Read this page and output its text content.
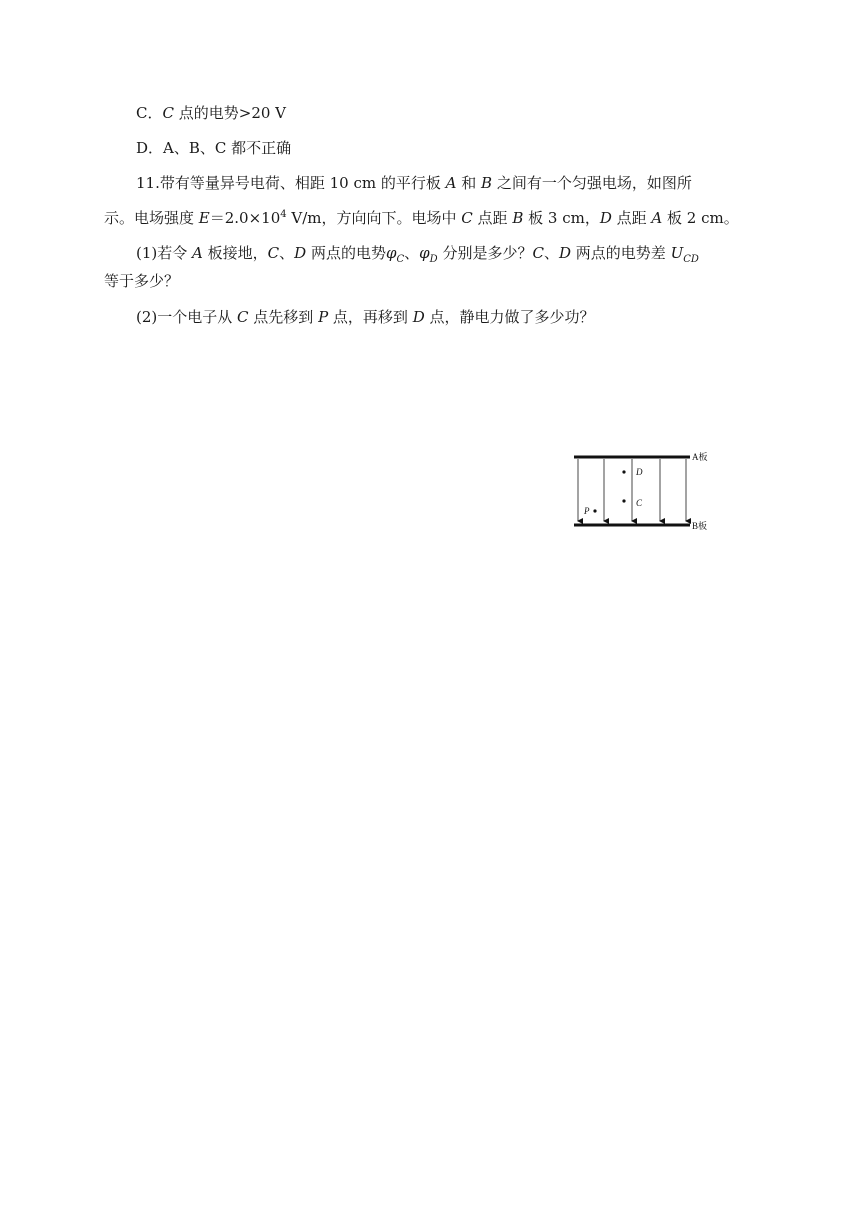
C．C 点的电势>20 V
D．A、B、C 都不正确
11.带有等量异号电荷、相距 10 cm 的平行板 A 和 B 之间有一个匀强电场，如图所
示。电场强度 $E=2.0\times 10^4$ V/m，方向向下。电场中 C 点距 B 板 3 cm，D 点距 A 板 2 cm。
(1)若令 A 板接地，C、D 两点的电势$\varphi_C$、$\varphi_D$ 分别是多少？C、D 两点的电势差 $U_{CD}$
等于多少？
(2)一个电子从 C 点先移到 P 点，再移到 D 点，静电力做了多少功？
D
C
P
A板
B板
